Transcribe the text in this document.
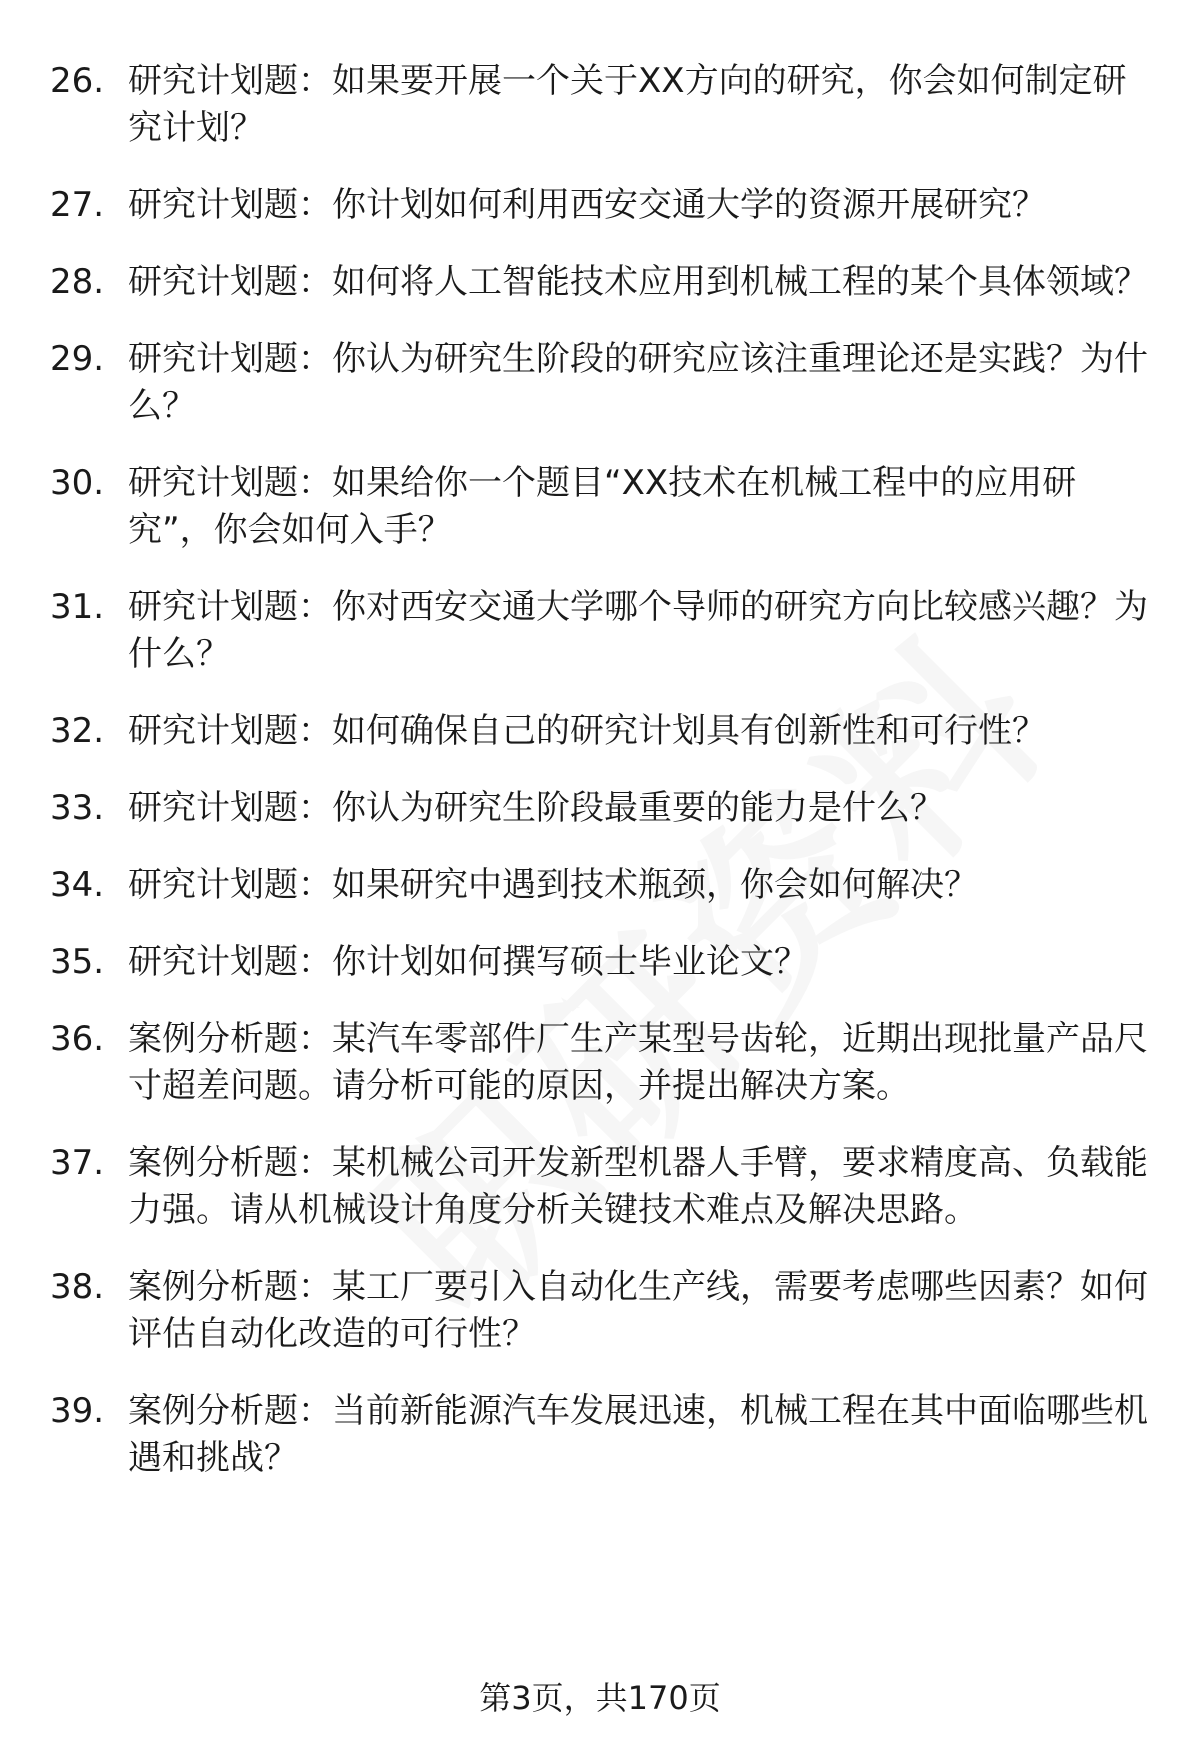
26. 研究计划题：如果要开展一个关于XX方向的研究，你会如何制定研究计划？
27. 研究计划题：你计划如何利用西安交通大学的资源开展研究？
28. 研究计划题：如何将人工智能技术应用到机械工程的某个具体领域？
29. 研究计划题：你认为研究生阶段的研究应该注重理论还是实践？为什么？
30. 研究计划题：如果给你一个题目“XX技术在机械工程中的应用研究”，你会如何入手？
31. 研究计划题：你对西安交通大学哪个导师的研究方向比较感兴趣？为什么？
32. 研究计划题：如何确保自己的研究计划具有创新性和可行性？
33. 研究计划题：你认为研究生阶段最重要的能力是什么？
34. 研究计划题：如果研究中遇到技术瓶颈，你会如何解决？
35. 研究计划题：你计划如何撰写硕士毕业论文？
36. 案例分析题：某汽车零部件厂生产某型号齿轮，近期出现批量产品尺寸超差问题。请分析可能的原因，并提出解决方案。
37. 案例分析题：某机械公司开发新型机器人手臂，要求精度高、负载能力强。请从机械设计角度分析关键技术难点及解决思路。
38. 案例分析题：某工厂要引入自动化生产线，需要考虑哪些因素？如何评估自动化改造的可行性？
39. 案例分析题：当前新能源汽车发展迅速，机械工程在其中面临哪些机遇和挑战？
第3页，共170页
